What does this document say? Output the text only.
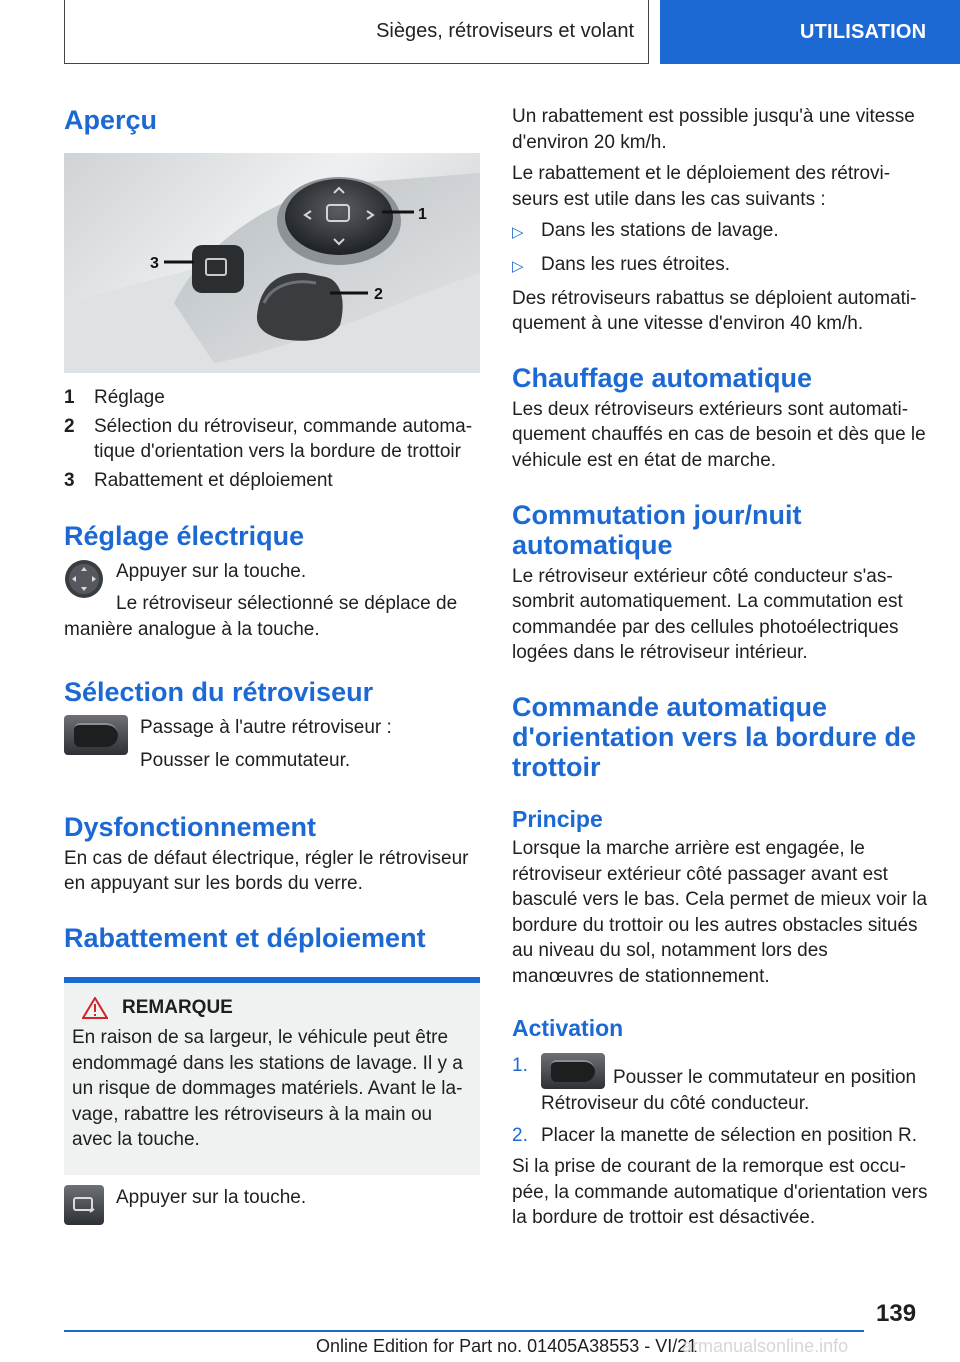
Sièges, rétroviseurs et volant	UTILISATION
Aperçu
1
2
3
1	Réglage
2	Sélection du rétroviseur, commande automatique d'orientation vers la bordure de trottoir
3	Rabattement et déploiement
Réglage électrique

Appuyer sur la touche.

Le rétroviseur sélectionné se déplace de manière analogue à la touche.

Sélection du rétroviseur

Passage à l'autre rétroviseur :

Pousser le commutateur.

Dysfonctionnement

En cas de défaut électrique, régler le rétroviseur en appuyant sur les bords du verre.

Rabattement et déploiement
REMARQUE

En raison de sa largeur, le véhicule peut être endommagé dans les stations de lavage. Il y a un risque de dommages matériels. Avant le lavage, rabattre les rétroviseurs à la main ou avec la touche.

Appuyer sur la touche.

Un rabattement est possible jusqu'à une vitesse d'environ 20 km/h.

Le rabattement et le déploiement des rétroviseurs est utile dans les cas suivants :

▷ Dans les stations de lavage.
▷ Dans les rues étroites.

Des rétroviseurs rabattus se déploient automatiquement à une vitesse d'environ 40 km/h.

Chauffage automatique

Les deux rétroviseurs extérieurs sont automatiquement chauffés en cas de besoin et dès que le véhicule est en état de marche.

Commutation jour/nuit automatique

Le rétroviseur extérieur côté conducteur s'assombrit automatiquement. La commutation est commandée par des cellules photoélectriques logées dans le rétroviseur intérieur.

Commande automatique d'orientation vers la bordure de trottoir
Principe

Lorsque la marche arrière est engagée, le rétroviseur extérieur côté passager avant est basculé vers le bas. Cela permet de mieux voir la bordure du trottoir ou les autres obstacles situés au niveau du sol, notamment lors des manœuvres de stationnement.

Activation
1.
Pousser le commutateur en position Rétroviseur du côté conducteur.
2. Placer la manette de sélection en position R.

Si la prise de courant de la remorque est occupée, la commande automatique d'orientation vers la bordure de trottoir est désactivée.

139
Online Edition for Part no. 01405A38553 - VI/21
armanualsonline.info
